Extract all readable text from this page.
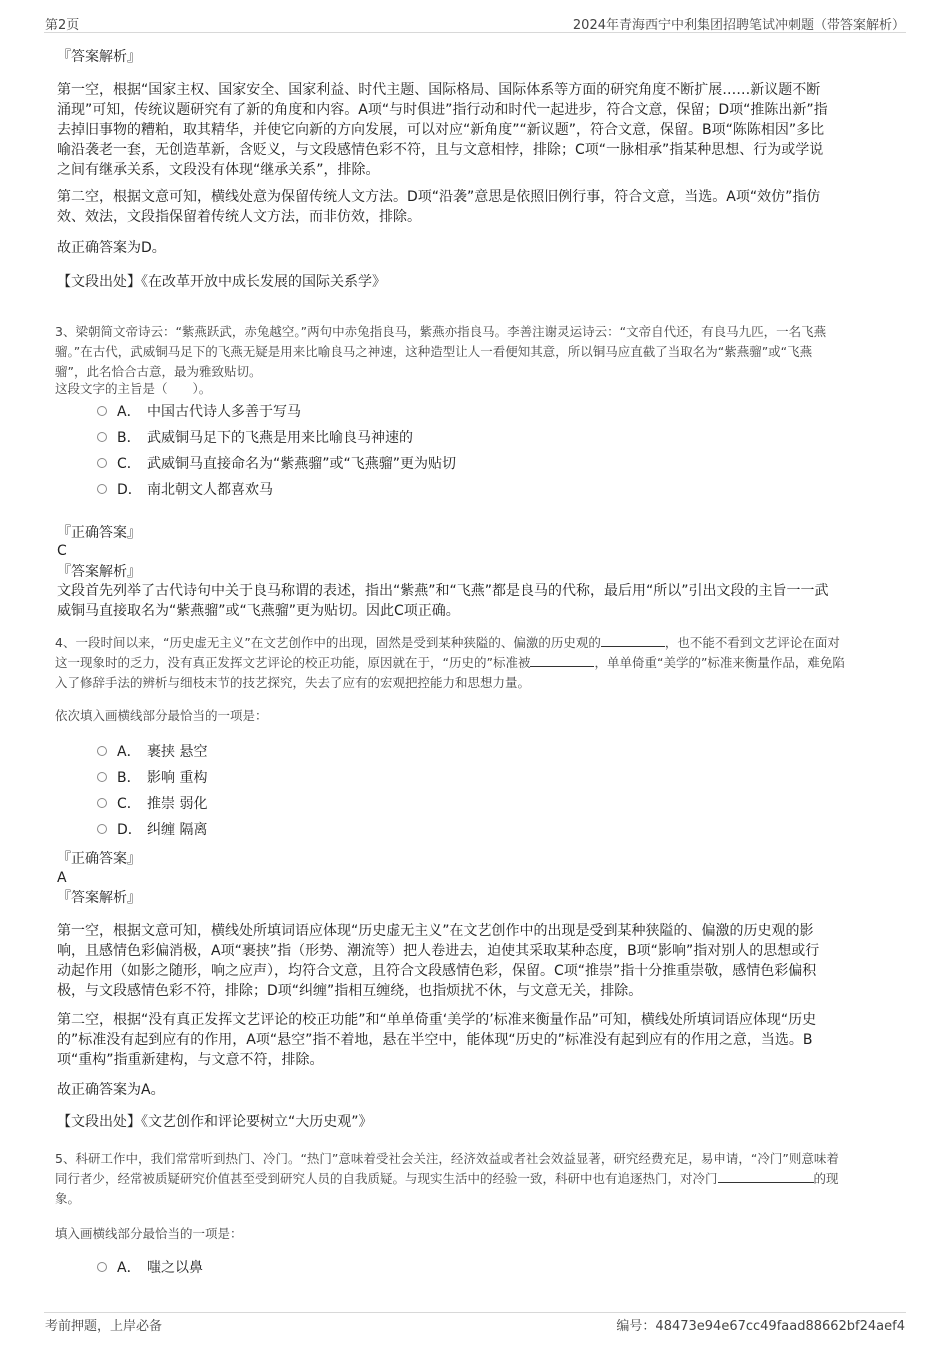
第2页	2024年青海西宁中利集团招聘笔试冲刺题（带答案解析）
『答案解析』
第一空，根据“国家主权、国家安全、国家利益、时代主题、国际格局、国际体系等方面的研究角度不断扩展……新议题不断
涌现”可知，传统议题研究有了新的角度和内容。A项“与时俱进”指行动和时代一起进步，符合文意，保留；D项“推陈出新”指
去掉旧事物的糟粕，取其精华，并使它向新的方向发展，可以对应“新角度”“新议题”，符合文意，保留。B项“陈陈相因”多比
喻沿袭老一套，无创造革新，含贬义，与文段感情色彩不符，且与文意相悖，排除；C项“一脉相承”指某种思想、行为或学说
之间有继承关系，文段没有体现“继承关系”，排除。
第二空，根据文意可知，横线处意为保留传统人文方法。D项“沿袭”意思是依照旧例行事，符合文意，当选。A项“效仿”指仿
效、效法，文段指保留着传统人文方法，而非仿效，排除。
故正确答案为D。
【文段出处】《在改革开放中成长发展的国际关系学》
3、梁朝简文帝诗云：“紫燕跃武，赤兔越空。”两句中赤兔指良马，紫燕亦指良马。李善注谢灵运诗云：“文帝自代还，有良马九匹，一名飞燕
骝。”在古代，武威铜马足下的飞燕无疑是用来比喻良马之神速，这种造型让人一看便知其意，所以铜马应直截了当取名为“紫燕骝”或“飞燕
骝”，此名恰合古意，最为雅致贴切。
这段文字的主旨是（　　）。
A． 中国古代诗人多善于写马
B． 武威铜马足下的飞燕是用来比喻良马神速的
C． 武威铜马直接命名为“紫燕骝”或“飞燕骝”更为贴切
D． 南北朝文人都喜欢马
『正确答案』
C
『答案解析』
文段首先列举了古代诗句中关于良马称谓的表述，指出“紫燕”和“飞燕”都是良马的代称，最后用“所以”引出文段的主旨一一武
威铜马直接取名为“紫燕骝”或“飞燕骝”更为贴切。因此C项正确。
4、一段时间以来，“历史虚无主义”在文艺创作中的出现，固然是受到某种狭隘的、偏激的历史观的	，也不能不看到文艺评论在面对
这一现象时的乏力，没有真正发挥文艺评论的校正功能，原因就在于，“历史的”标准被	，单单倚重“美学的”标准来衡量作品，难免陷
入了修辞手法的辨析与细枝末节的技艺探究，失去了应有的宏观把控能力和思想力量。
依次填入画横线部分最恰当的一项是：
A． 裹挟 悬空
B． 影响 重构
C． 推崇 弱化
D． 纠缠 隔离
『正确答案』
A
『答案解析』
第一空，根据文意可知，横线处所填词语应体现“历史虚无主义”在文艺创作中的出现是受到某种狭隘的、偏激的历史观的影
响，且感情色彩偏消极，A项“裹挟”指（形势、潮流等）把人卷进去，迫使其采取某种态度，B项“影响”指对别人的思想或行
动起作用（如影之随形，响之应声），均符合文意，且符合文段感情色彩，保留。C项“推崇”指十分推重崇敬，感情色彩偏积
极，与文段感情色彩不符，排除；D项“纠缠”指相互缠绕，也指烦扰不休，与文意无关，排除。
第二空，根据“没有真正发挥文艺评论的校正功能”和“单单倚重‘美学的’标准来衡量作品”可知，横线处所填词语应体现“历史
的”标准没有起到应有的作用，A项“悬空”指不着地，悬在半空中，能体现“历史的”标准没有起到应有的作用之意，当选。B
项“重构”指重新建构，与文意不符，排除。
故正确答案为A。
【文段出处】《文艺创作和评论要树立“大历史观”》
5、科研工作中，我们常常听到热门、冷门。“热门”意味着受社会关注，经济效益或者社会效益显著，研究经费充足，易申请，“冷门”则意味着
同行者少，经常被质疑研究价值甚至受到研究人员的自我质疑。与现实生活中的经验一致，科研中也有追逐热门，对冷门	的现
象。
填入画横线部分最恰当的一项是：
A． 嗤之以鼻
考前押题，上岸必备	编号：48473e94e67cc49faad88662bf24aef4
